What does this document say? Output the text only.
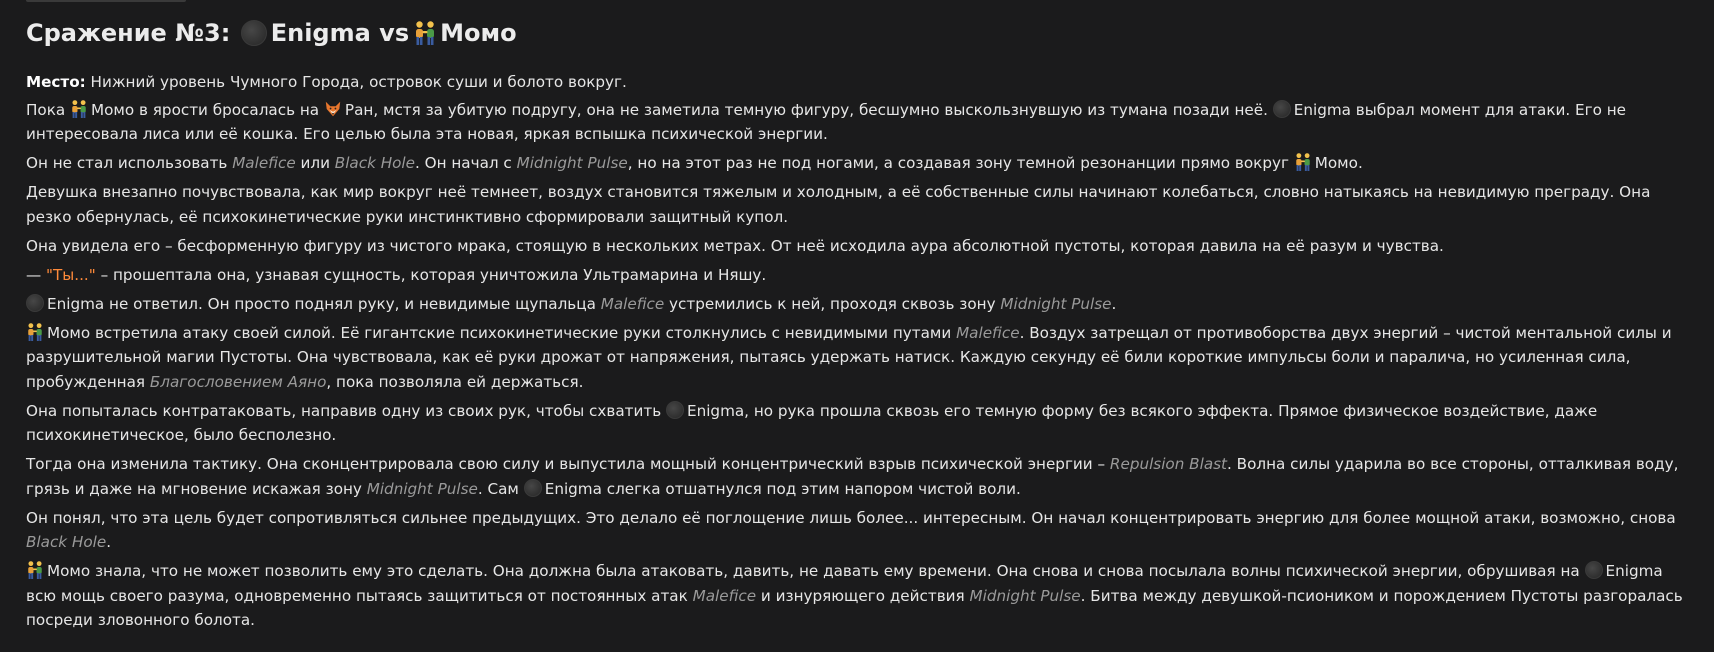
Сражение №3:
Enigma
vs Момо

Место: Нижний уровень Чумного Города, островок суши и болото вокруг.

Пока Момо в ярости бросалась на Ран, мстя за убитую подругу, она не заметила темную фигуру, бесшумно выскользнувшую из тумана позади неё. Enigma выбрал момент для атаки. Его не интересовала лиса или её кошка. Его целью была эта новая, яркая вспышка психической энергии.

Он не стал использовать Malefice или Black Hole. Он начал с Midnight Pulse, но на этот раз не под ногами, а создавая зону темной резонанции прямо вокруг Момо.

Девушка внезапно почувствовала, как мир вокруг неё темнеет, воздух становится тяжелым и холодным, а её собственные силы начинают колебаться, словно натыкаясь на невидимую преграду. Она резко обернулась, её психокинетические руки инстинктивно сформировали защитный купол.

Она увидела его – бесформенную фигуру из чистого мрака, стоящую в нескольких метрах. От неё исходила аура абсолютной пустоты, которая давила на её разум и чувства.

— "Ты..." – прошептала она, узнавая сущность, которая уничтожила Ультрамарина и Няшу.

Enigma не ответил. Он просто поднял руку, и невидимые щупальца Malefice устремились к ней, проходя сквозь зону Midnight Pulse.

Момо встретила атаку своей силой. Её гигантские психокинетические руки столкнулись с невидимыми путами Malefice. Воздух затрещал от противоборства двух энергий – чистой ментальной силы и разрушительной магии Пустоты. Она чувствовала, как её руки дрожат от напряжения, пытаясь удержать натиск. Каждую секунду её били короткие импульсы боли и паралича, но усиленная сила, пробужденная Благословением Аяно, пока позволяла ей держаться.

Она попыталась контратаковать, направив одну из своих рук, чтобы схватить Enigma, но рука прошла сквозь его темную форму без всякого эффекта. Прямое физическое воздействие, даже психокинетическое, было бесполезно.

Тогда она изменила тактику. Она сконцентрировала свою силу и выпустила мощный концентрический взрыв психической энергии – Repulsion Blast. Волна силы ударила во все стороны, отталкивая воду, грязь и даже на мгновение искажая зону Midnight Pulse. Сам Enigma слегка отшатнулся под этим напором чистой воли.

Он понял, что эта цель будет сопротивляться сильнее предыдущих. Это делало её поглощение лишь более... интересным. Он начал концентрировать энергию для более мощной атаки, возможно, снова Black Hole.

Момо знала, что не может позволить ему это сделать. Она должна была атаковать, давить, не давать ему времени. Она снова и снова посылала волны психической энергии, обрушивая на Enigma всю мощь своего разума, одновременно пытаясь защититься от постоянных атак Malefice и изнуряющего действия Midnight Pulse. Битва между девушкой-псиоником и порождением Пустоты разгоралась посреди зловонного болота.
